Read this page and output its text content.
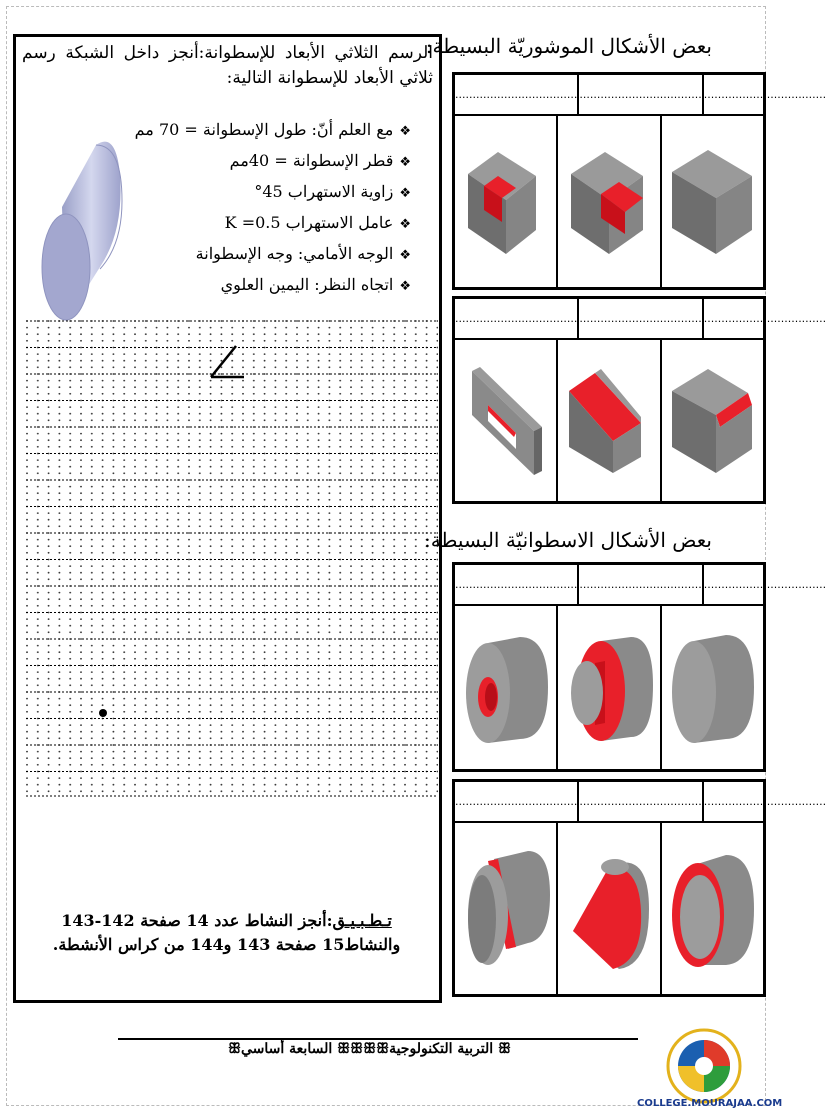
الرسم الثلاثي الأبعاد للإسطوانة:أنجز داخل الشبكة رسم ثلاثي الأبعاد للإسطوانة التالية:
❖مع العلم أنّ: طول الإسطوانة = 70 مم
❖قطر الإسطوانة = 40مم
❖زاوية الاستهراب 45°
❖عامل الاستهراب K =0.5
❖الوجه الأمامي: وجه الإسطوانة
❖اتجاه النظر: اليمين العلوي
تـطـبـيـق:أنجز النشاط عدد 14 صفحة 142-143
والنشاط15 صفحة 143 و144 من كراس الأنشطة.
بعض الأشكال الموشوريّة البسيطة:
................................... ................................... ...................................
................................... ................................... ...................................
بعض الأشكال الاسطوانيّة البسيطة:
................................... ................................... ...................................
................................... ................................... ...................................
ꕥ التربية التكنولوجيةꕥꕥꕥꕥ السابعة أساسيꕥ
COLLEGE.MOURAJAA.COM
